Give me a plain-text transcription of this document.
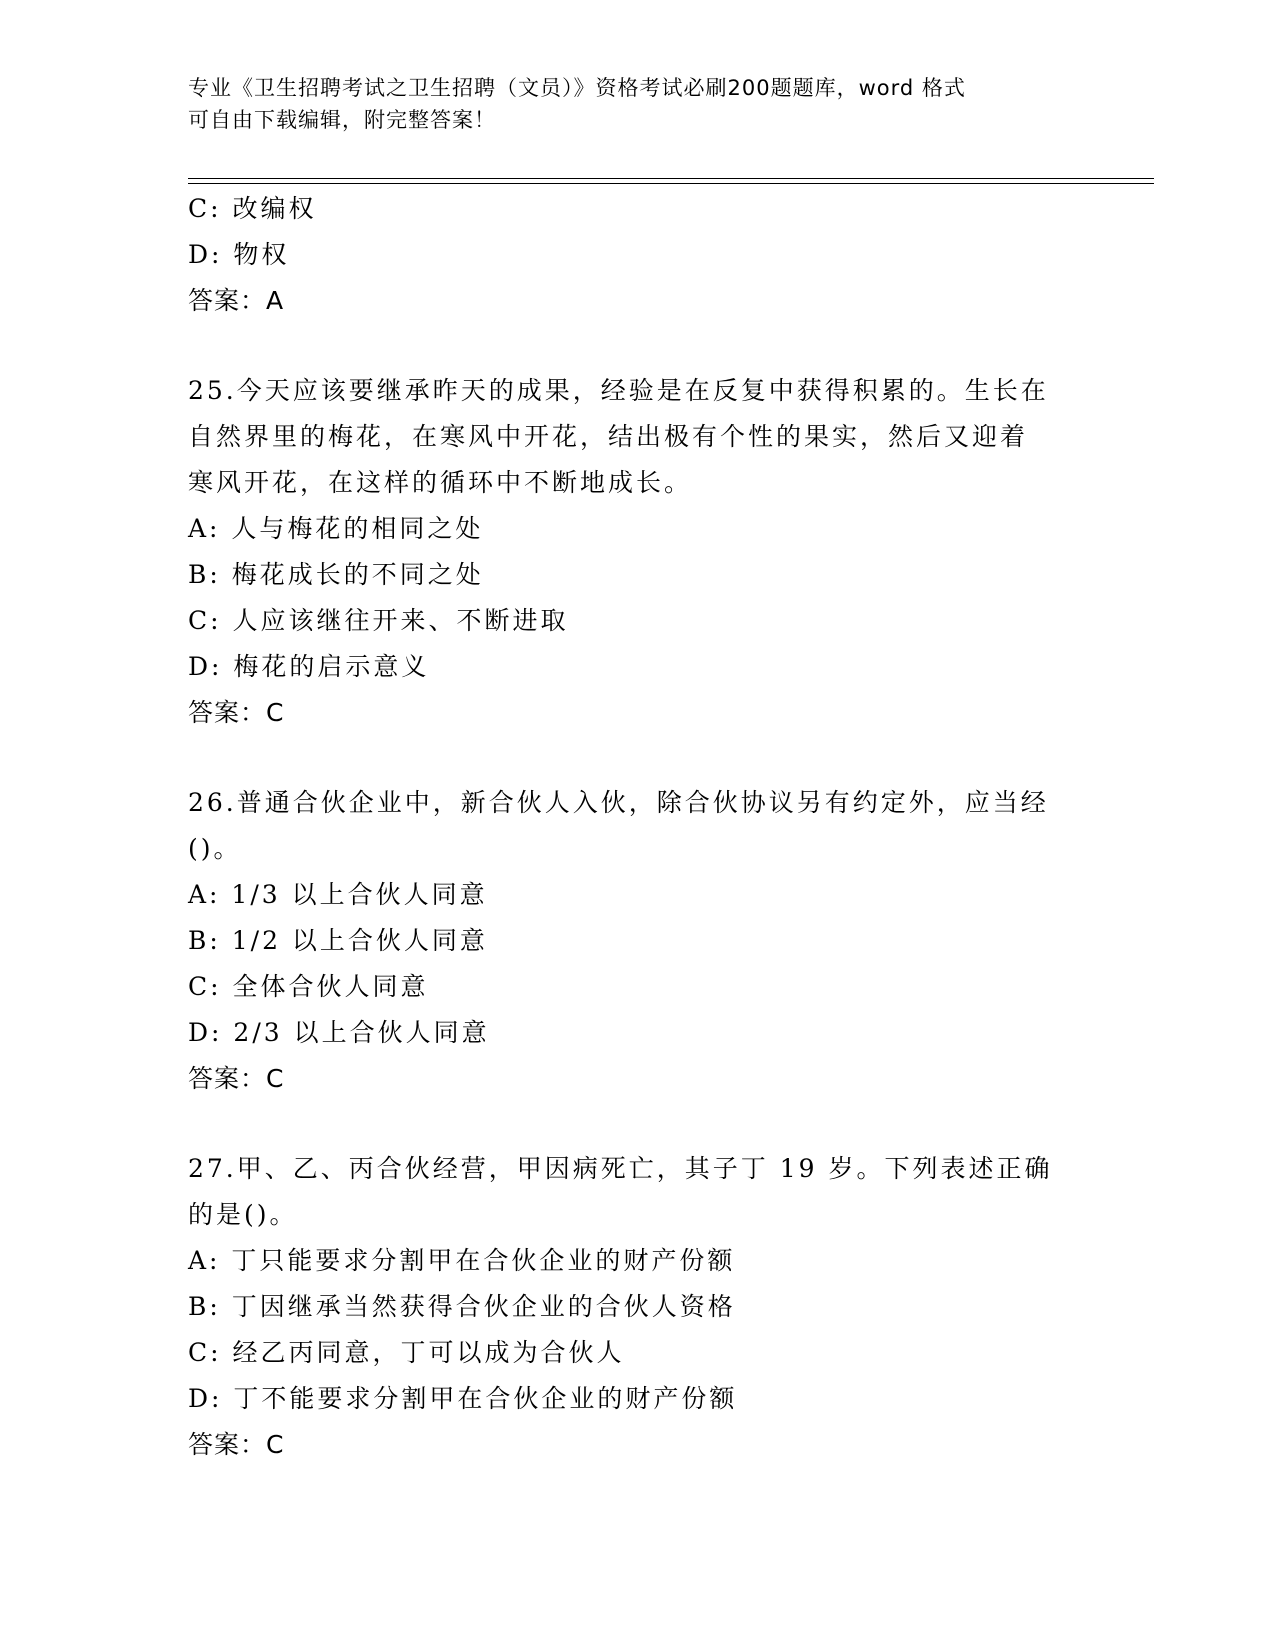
专业《卫生招聘考试之卫生招聘（文员）》资格考试必刷200题题库，word 格式
可自由下载编辑，附完整答案！
C: 改编权
D: 物权
答案：A
25.今天应该要继承昨天的成果，经验是在反复中获得积累的。生长在
自然界里的梅花，在寒风中开花，结出极有个性的果实，然后又迎着
寒风开花，在这样的循环中不断地成长。
A: 人与梅花的相同之处
B: 梅花成长的不同之处
C: 人应该继往开来、不断进取
D: 梅花的启示意义
答案：C
26.普通合伙企业中，新合伙人入伙，除合伙协议另有约定外，应当经
()。
A: 1/3 以上合伙人同意
B: 1/2 以上合伙人同意
C: 全体合伙人同意
D: 2/3 以上合伙人同意
答案：C
27.甲、乙、丙合伙经营，甲因病死亡，其子丁 19 岁。下列表述正确
的是()。
A: 丁只能要求分割甲在合伙企业的财产份额
B: 丁因继承当然获得合伙企业的合伙人资格
C: 经乙丙同意，丁可以成为合伙人
D: 丁不能要求分割甲在合伙企业的财产份额
答案：C
